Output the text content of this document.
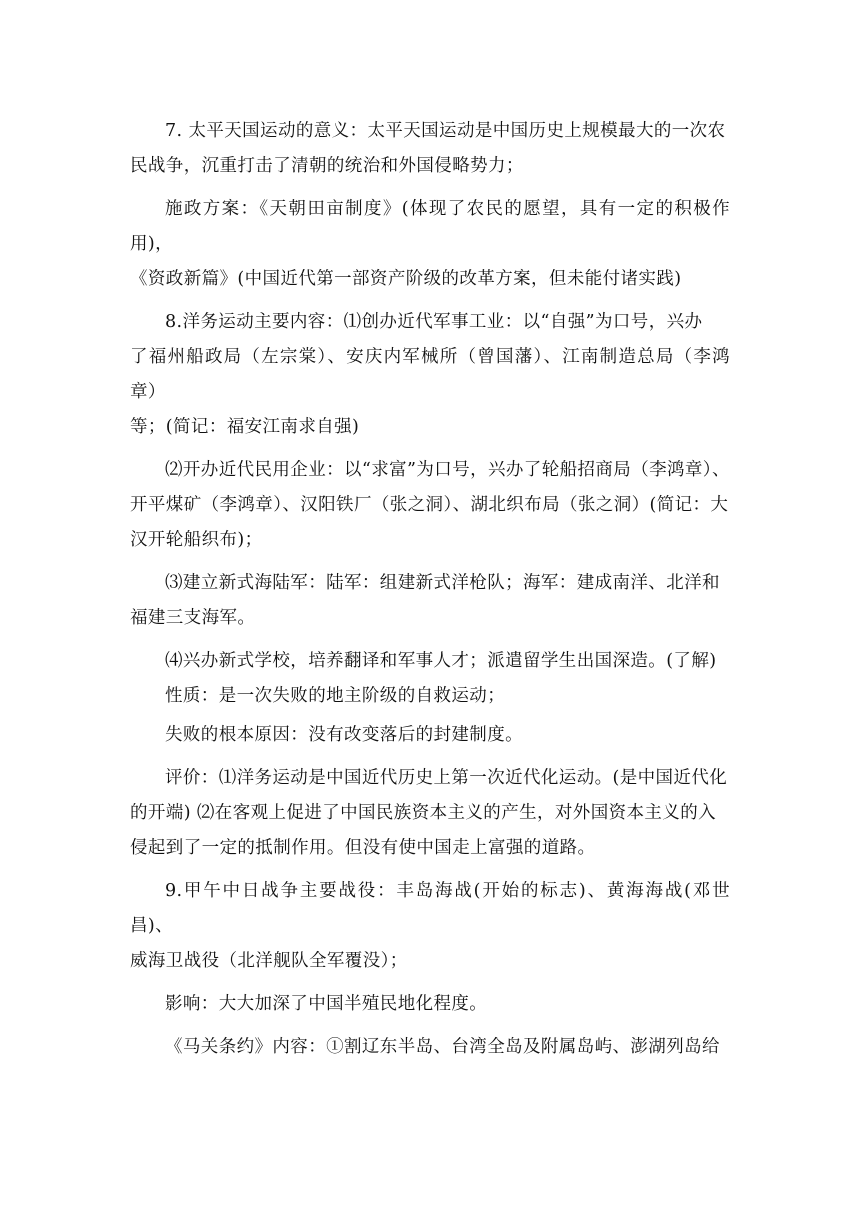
7. 太平天国运动的意义：太平天国运动是中国历史上规模最大的一次农
民战争，沉重打击了清朝的统治和外国侵略势力；

施政方案：《天朝田亩制度》(体现了农民的愿望，具有一定的积极作用)，
《资政新篇》(中国近代第一部资产阶级的改革方案，但未能付诸实践)

8.洋务运动主要内容：⑴创办近代军事工业：以“自强”为口号，兴办
了福州船政局（左宗棠）、安庆内军械所（曾国藩）、江南制造总局（李鸿章）
等；(简记：福安江南求自强)

⑵开办近代民用企业：以“求富”为口号，兴办了轮船招商局（李鸿章）、
开平煤矿（李鸿章）、汉阳铁厂（张之洞）、湖北织布局（张之洞）(简记：大
汉开轮船织布)；

⑶建立新式海陆军：陆军：组建新式洋枪队；海军：建成南洋、北洋和
福建三支海军。

⑷兴办新式学校，培养翻译和军事人才；派遣留学生出国深造。(了解)

性质：是一次失败的地主阶级的自救运动；

失败的根本原因：没有改变落后的封建制度。

评价：⑴洋务运动是中国近代历史上第一次近代化运动。(是中国近代化
的开端) ⑵在客观上促进了中国民族资本主义的产生，对外国资本主义的入
侵起到了一定的抵制作用。但没有使中国走上富强的道路。

9.甲午中日战争主要战役：丰岛海战(开始的标志)、黄海海战(邓世昌)、
威海卫战役（北洋舰队全军覆没）；

影响：大大加深了中国半殖民地化程度。

《马关条约》内容：①割辽东半岛、台湾全岛及附属岛屿、澎湖列岛给
